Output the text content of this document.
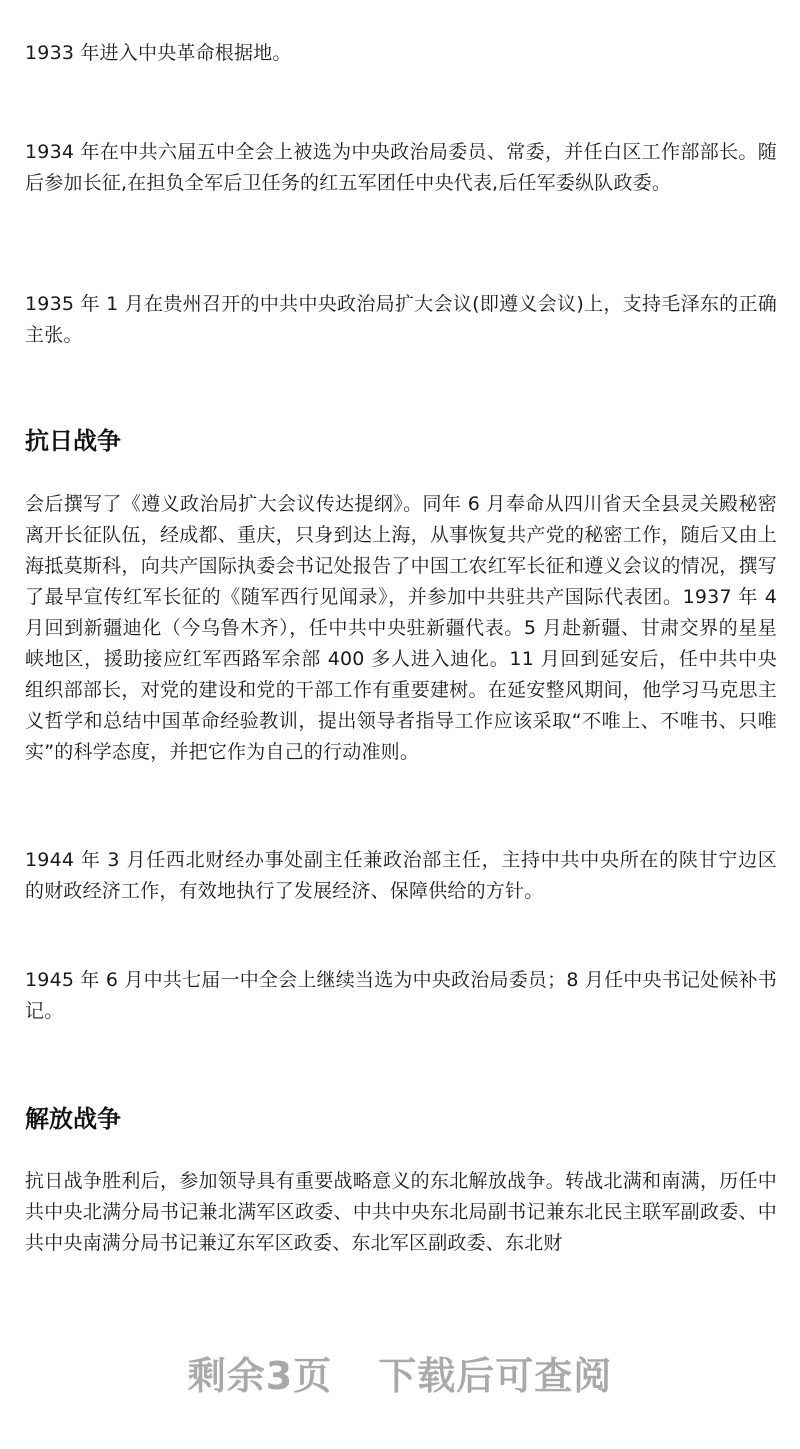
1933 年进入中央革命根据地。

1934 年在中共六届五中全会上被选为中央政治局委员、常委，并任白区工作部部长。随后参加长征,在担负全军后卫任务的红五军团任中央代表,后任军委纵队政委。

1935 年 1 月在贵州召开的中共中央政治局扩大会议(即遵义会议)上，支持毛泽东的正确主张。

抗日战争

会后撰写了《遵义政治局扩大会议传达提纲》。同年 6 月奉命从四川省天全县灵关殿秘密离开长征队伍，经成都、重庆，只身到达上海，从事恢复共产党的秘密工作，随后又由上海抵莫斯科，向共产国际执委会书记处报告了中国工农红军长征和遵义会议的情况，撰写了最早宣传红军长征的《随军西行见闻录》，并参加中共驻共产国际代表团。1937 年 4 月回到新疆迪化（今乌鲁木齐），任中共中央驻新疆代表。5 月赴新疆、甘肃交界的星星峡地区，援助接应红军西路军余部 400 多人进入迪化。11 月回到延安后，任中共中央组织部部长，对党的建设和党的干部工作有重要建树。在延安整风期间，他学习马克思主义哲学和总结中国革命经验教训，提出领导者指导工作应该采取“不唯上、不唯书、只唯实”的科学态度，并把它作为自己的行动准则。

1944 年 3 月任西北财经办事处副主任兼政治部主任，主持中共中央所在的陕甘宁边区的财政经济工作，有效地执行了发展经济、保障供给的方针。

1945 年 6 月中共七届一中全会上继续当选为中央政治局委员；8 月任中央书记处候补书记。

解放战争

抗日战争胜利后，参加领导具有重要战略意义的东北解放战争。转战北满和南满，历任中共中央北满分局书记兼北满军区政委、中共中央东北局副书记兼东北民主联军副政委、中共中央南满分局书记兼辽东军区政委、东北军区副政委、东北财

剩余3页 下载后可查阅
